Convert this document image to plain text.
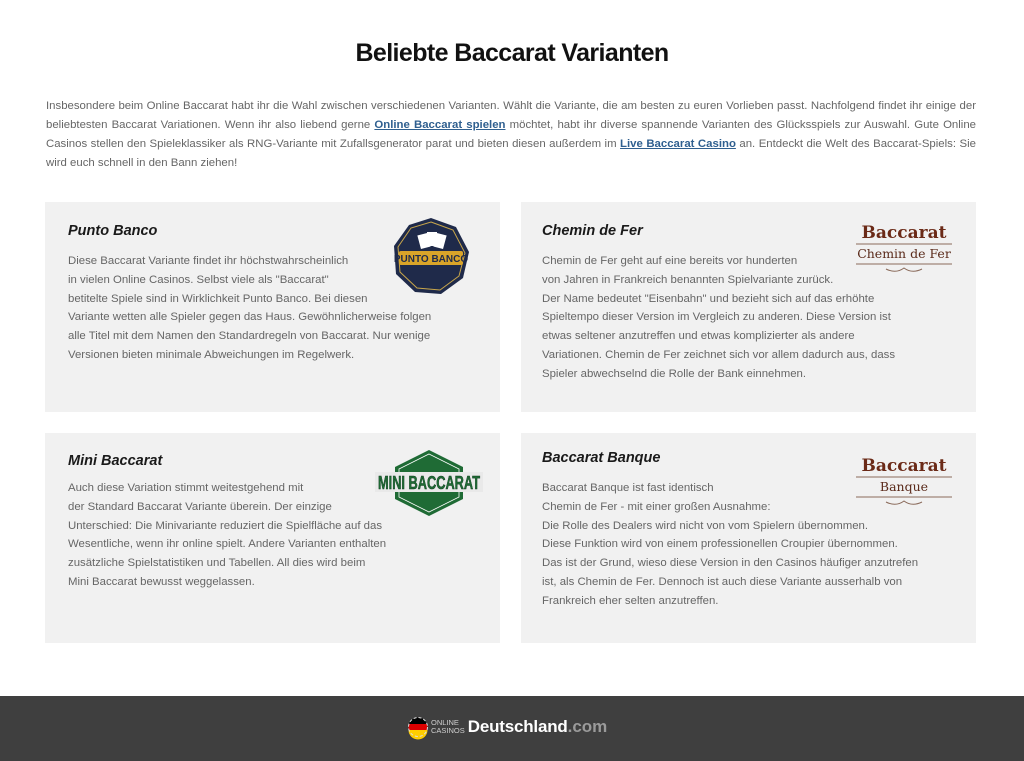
Beliebte Baccarat Varianten

Insbesondere beim Online Baccarat habt ihr die Wahl zwischen verschiedenen Varianten. Wählt die Variante, die am besten zu euren Vorlieben passt. Nachfolgend findet ihr einige der beliebtesten Baccarat Variationen. Wenn ihr also liebend gerne Online Baccarat spielen möchtet, habt ihr diverse spannende Varianten des Glücksspiels zur Auswahl. Gute Online Casinos stellen den Spieleklassiker als RNG-Variante mit Zufallsgenerator parat und bieten diesen außerdem im Live Baccarat Casino an. Entdeckt die Welt des Baccarat-Spiels: Sie wird euch schnell in den Bann ziehen!

Punto Banco
Diese Baccarat Variante findet ihr höchstwahrscheinlich
in vielen Online Casinos. Selbst viele als "Baccarat"
betitelte Spiele sind in Wirklichkeit Punto Banco. Bei diesen
Variante wetten alle Spieler gegen das Haus. Gewöhnlicherweise folgen
alle Titel mit dem Namen den Standardregeln von Baccarat. Nur wenige
Versionen bieten minimale Abweichungen im Regelwerk.
PUNTO BANCO
Chemin de Fer
Chemin de Fer geht auf eine bereits vor hunderten
von Jahren in Frankreich benannten Spielvariante zurück.
Der Name bedeutet "Eisenbahn" und bezieht sich auf das erhöhte
Spieltempo dieser Version im Vergleich zu anderen. Diese Version ist
etwas seltener anzutreffen und etwas komplizierter als andere
Variationen. Chemin de Fer zeichnet sich vor allem dadurch aus, dass
Spieler abwechselnd die Rolle der Bank einnehmen.
Baccarat
Chemin de Fer
Mini Baccarat
Auch diese Variation stimmt weitestgehend mit
der Standard Baccarat Variante überein. Der einzige
Unterschied: Die Minivariante reduziert die Spielfläche auf das
Wesentliche, wenn ihr online spielt. Andere Varianten enthalten
zusätzliche Spielstatistiken und Tabellen. All dies wird beim
Mini Baccarat bewusst weggelassen.
MINI BACCARAT
Baccarat Banque
Baccarat Banque ist fast identisch
Chemin de Fer - mit einer großen Ausnahme:
Die Rolle des Dealers wird nicht von vom Spielern übernommen.
Diese Funktion wird von einem professionellen Croupier übernommen.
Das ist der Grund, wieso diese Version in den Casinos häufiger anzutrefen
ist, als Chemin de Fer. Dennoch ist auch diese Variante ausserhalb von
Frankreich eher selten anzutreffen.
Baccarat
Banque
ONLINE
CASINOS Deutschland .com
